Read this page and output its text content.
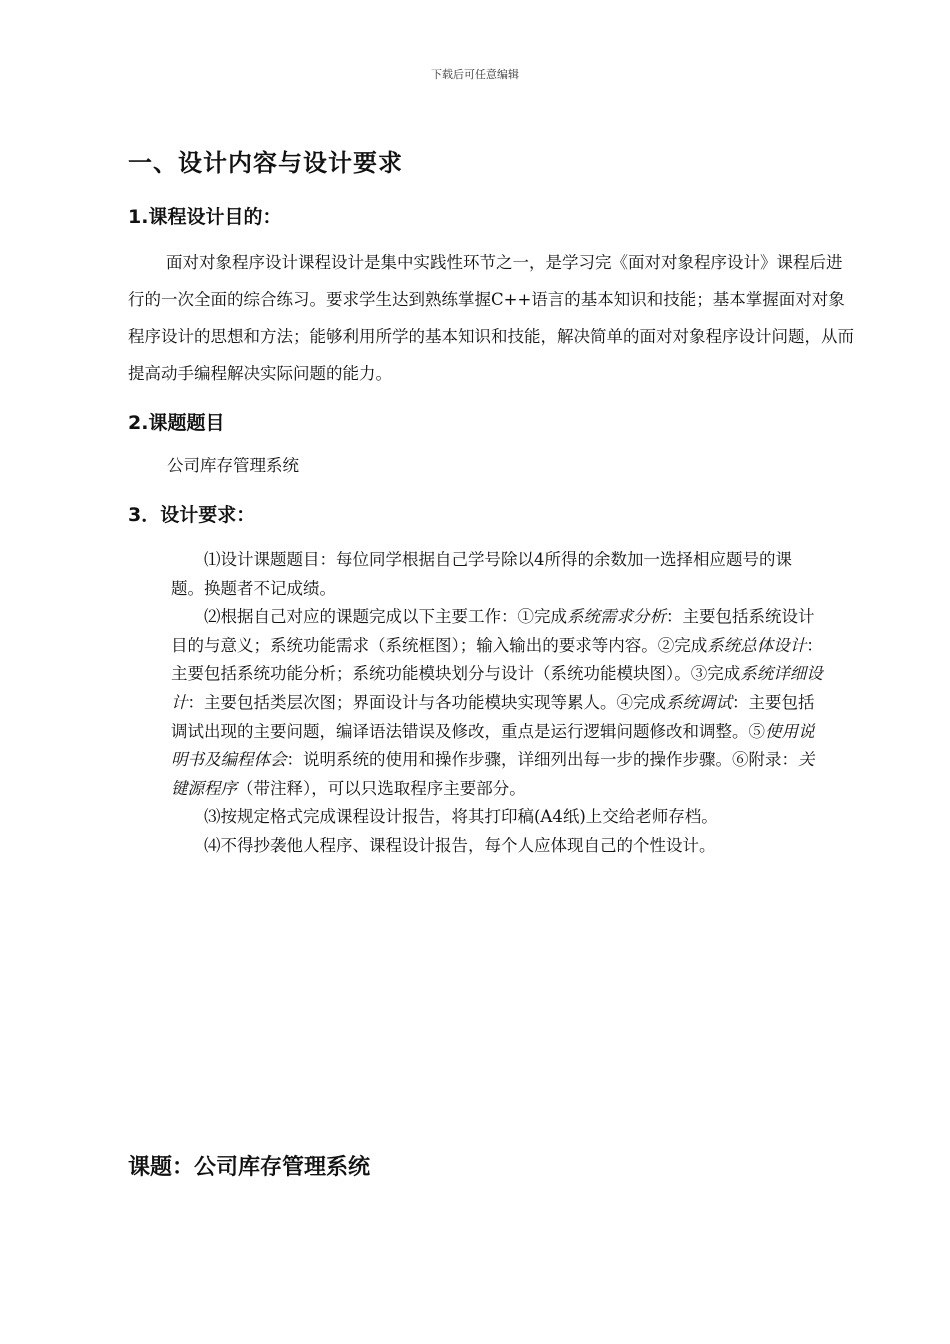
下载后可任意编辑
一、设计内容与设计要求
1.课程设计目的：

面对对象程序设计课程设计是集中实践性环节之一，是学习完《面对对象程序设计》课程后进行的一次全面的综合练习。要求学生达到熟练掌握C++语言的基本知识和技能；基本掌握面对对象程序设计的思想和方法；能够利用所学的基本知识和技能，解决简单的面对对象程序设计问题，从而提高动手编程解决实际问题的能力。

2.课题题目

公司库存管理系统

3．设计要求：

⑴设计课题题目：每位同学根据自己学号除以4所得的余数加一选择相应题号的课题。换题者不记成绩。

⑵根据自己对应的课题完成以下主要工作：①完成系统需求分析：主要包括系统设计目的与意义；系统功能需求（系统框图）；输入输出的要求等内容。②完成系统总体设计：主要包括系统功能分析；系统功能模块划分与设计（系统功能模块图）。③完成系统详细设计：主要包括类层次图；界面设计与各功能模块实现等累人。④完成系统调试：主要包括调试出现的主要问题，编译语法错误及修改，重点是运行逻辑问题修改和调整。⑤使用说明书及编程体会：说明系统的使用和操作步骤，详细列出每一步的操作步骤。⑥附录：关键源程序（带注释），可以只选取程序主要部分。

⑶按规定格式完成课程设计报告，将其打印稿(A4纸)上交给老师存档。

⑷不得抄袭他人程序、课程设计报告，每个人应体现自己的个性设计。

课题：公司库存管理系统
